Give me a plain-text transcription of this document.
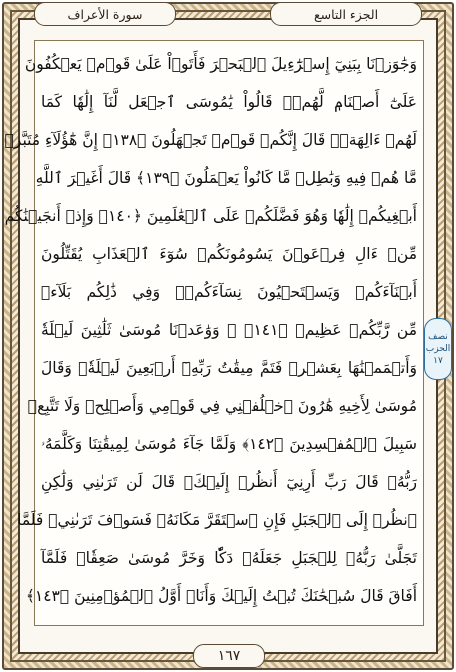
سورة الأعراف	الجزء التاسع
وَجَٰوَزۡنَا بِبَنِيٓ إِسۡرَٰٓءِيلَ ٱلۡبَحۡرَ فَأَتَوۡاْ عَلَىٰ قَوۡمٖ يَعۡكُفُونَ
عَلَىٰٓ أَصۡنَامٖ لَّهُمۡۚ قَالُواْ يَٰمُوسَى ٱجۡعَل لَّنَآ إِلَٰهٗا كَمَا
لَهُمۡ ءَالِهَةٞۚ قَالَ إِنَّكُمۡ قَوۡمٞ تَجۡهَلُونَ ﴿١٣٨﴾ إِنَّ هَٰٓؤُلَآءِ مُتَبَّرٞ
مَّا هُمۡ فِيهِ وَبَٰطِلٞ مَّا كَانُواْ يَعۡمَلُونَ ﴿١٣٩﴾ قَالَ أَغَيۡرَ ٱللَّهِ
أَبۡغِيكُمۡ إِلَٰهٗا وَهُوَ فَضَّلَكُمۡ عَلَى ٱلۡعَٰلَمِينَ ﴿١٤٠﴾ وَإِذۡ أَنجَيۡنَٰكُم
مِّنۡ ءَالِ فِرۡعَوۡنَ يَسُومُونَكُمۡ سُوٓءَ ٱلۡعَذَابِ يُقَتِّلُونَ
أَبۡنَآءَكُمۡ وَيَسۡتَحۡيُونَ نِسَآءَكُمۡۚ وَفِي ذَٰلِكُم بَلَآءٞ
مِّن رَّبِّكُمۡ عَظِيمٞ ﴿١٤١﴾ ۞ وَوَٰعَدۡنَا مُوسَىٰ ثَلَٰثِينَ لَيۡلَةٗ
وَأَتۡمَمۡنَٰهَا بِعَشۡرٖ فَتَمَّ مِيقَٰتُ رَبِّهِۦٓ أَرۡبَعِينَ لَيۡلَةٗۚ وَقَالَ
مُوسَىٰ لِأَخِيهِ هَٰرُونَ ٱخۡلُفۡنِي فِي قَوۡمِي وَأَصۡلِحۡ وَلَا تَتَّبِعۡ
سَبِيلَ ٱلۡمُفۡسِدِينَ ﴿١٤٢﴾ وَلَمَّا جَآءَ مُوسَىٰ لِمِيقَٰتِنَا وَكَلَّمَهُۥ
رَبُّهُۥ قَالَ رَبِّ أَرِنِيٓ أَنظُرۡ إِلَيۡكَۚ قَالَ لَن تَرَىٰنِي وَلَٰكِنِ
ٱنظُرۡ إِلَى ٱلۡجَبَلِ فَإِنِ ٱسۡتَقَرَّ مَكَانَهُۥ فَسَوۡفَ تَرَىٰنِيۚ فَلَمَّا
تَجَلَّىٰ رَبُّهُۥ لِلۡجَبَلِ جَعَلَهُۥ دَكّٗا وَخَرَّ مُوسَىٰ صَعِقٗاۚ فَلَمَّآ
أَفَاقَ قَالَ سُبۡحَٰنَكَ تُبۡتُ إِلَيۡكَ وَأَنَا۠ أَوَّلُ ٱلۡمُؤۡمِنِينَ ﴿١٤٣﴾
نصف
الحزب
١٧
١٦٧
